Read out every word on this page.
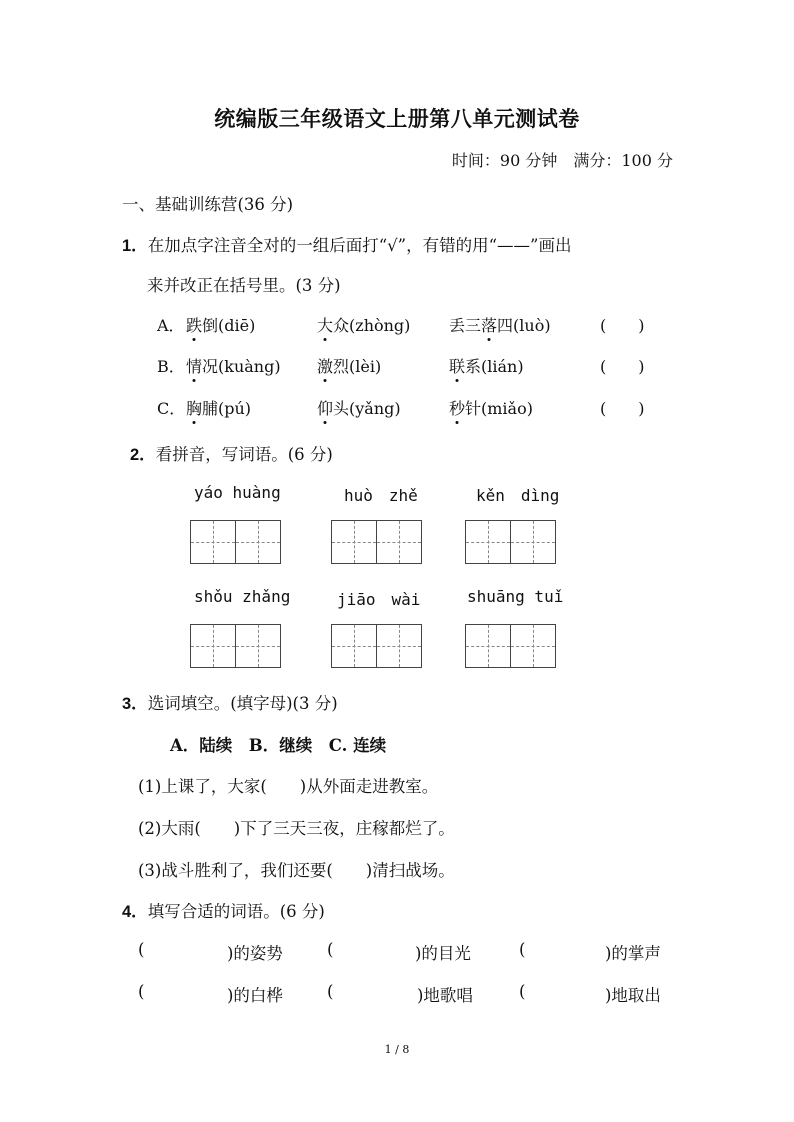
统编版三年级语文上册第八单元测试卷
时间：90 分钟　满分：100 分
一、基础训练营(36 分)
1．在加点字注音全对的一组后面打“√”，有错的用“——”画出
来并改正在括号里。(3 分)
A． 跌倒(diē)	大众(zhòng) 丢三落四(luò)	(　　)
B． 情况(kuàng) 激烈(lèi)	联系(lián)	(　　)
C． 胸脯(pú)	仰头(yǎng)	秒针(miǎo)	(　　)
2．看拼音，写词语。(6 分)
yáo huàng	huò　zhě	kěn　dìng
shǒu zhǎng	jiāo　wài	shuāng tuǐ
3．选词填空。(填字母)(3 分)
A．陆续　B．继续　C. 连续
(1)上课了，大家(　　)从外面走进教室。
(2)大雨(　　)下了三天三夜，庄稼都烂了。
(3)战斗胜利了，我们还要(　　)清扫战场。
4．填写合适的词语。(6 分)
(	)的姿势	(	)的目光	(	)的掌声
(	)的白桦	(	)地歌唱	(	)地取出
1 / 8
